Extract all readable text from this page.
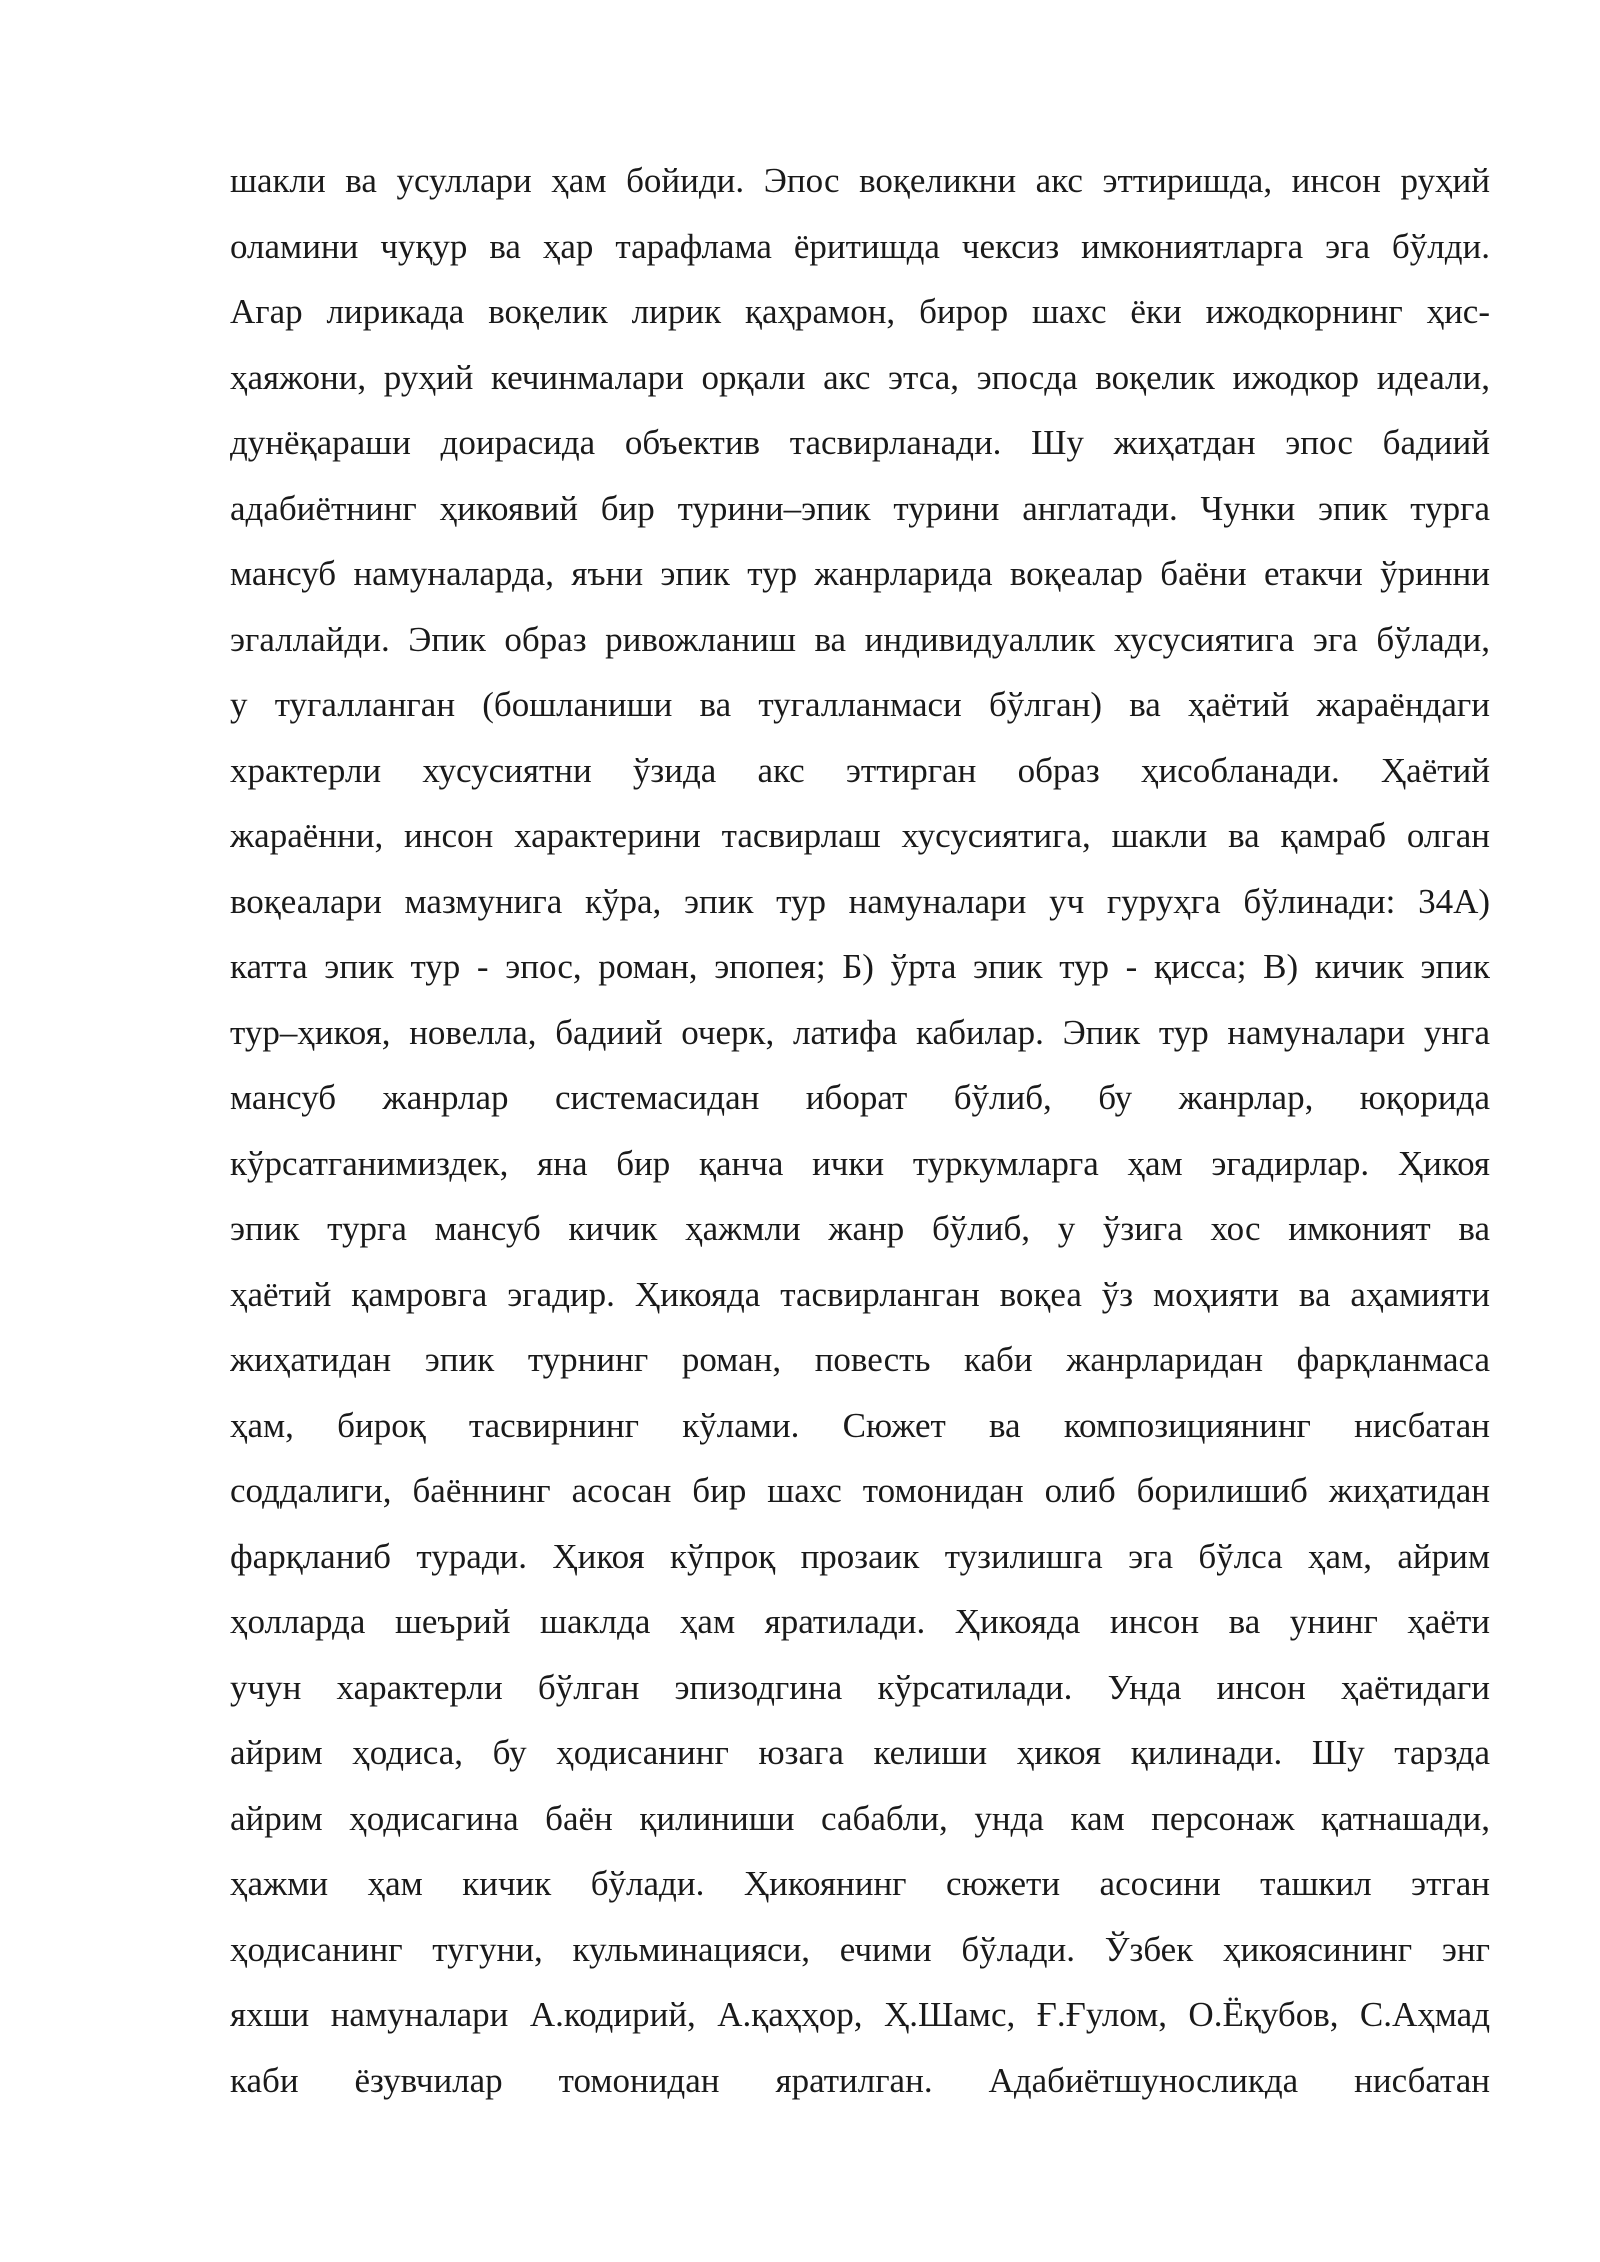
шакли ва усуллари ҳам бойиди. Эпос воқеликни акс эттиришда, инсон руҳий
оламини чуқур ва ҳар тарафлама ёритишда чексиз имкониятларга эга бўлди.
Агар лирикада воқелик лирик қаҳрамон, бирор шахс ёки ижодкорнинг ҳис-
ҳаяжони, руҳий кечинмалари орқали акс этса, эпосда воқелик ижодкор идеали,
дунёқараши доирасида объектив тасвирланади. Шу жиҳатдан эпос бадиий
адабиётнинг ҳикоявий бир турини–эпик турини англатади. Чунки эпик турга
мансуб намуналарда, яъни эпик тур жанрларида воқеалар баёни етакчи ўринни
эгаллайди. Эпик образ ривожланиш ва индивидуаллик хусусиятига эга бўлади,
у тугалланган (бошланиши ва тугалланмаси бўлган) ва ҳаётий жараёндаги
храктерли хусусиятни ўзида акс эттирган образ ҳисобланади. Ҳаётий
жараённи, инсон характерини тасвирлаш хусусиятига, шакли ва қамраб олган
воқеалари мазмунига кўра, эпик тур намуналари уч гуруҳга бўлинади: 34А)
катта эпик тур - эпос, роман, эпопея; Б) ўрта эпик тур - қисса; В) кичик эпик
тур–ҳикоя, новелла, бадиий очерк, латифа кабилар. Эпик тур намуналари унга
мансуб жанрлар системасидан иборат бўлиб, бу жанрлар, юқорида
кўрсатганимиздек, яна бир қанча ички туркумларга ҳам эгадирлар. Ҳикоя
эпик турга мансуб кичик ҳажмли жанр бўлиб, у ўзига хос имконият ва
ҳаётий қамровга эгадир. Ҳикояда тасвирланган воқеа ўз моҳияти ва аҳамияти
жиҳатидан эпик турнинг роман, повесть каби жанрларидан фарқланмаса
ҳам, бироқ тасвирнинг кўлами. Сюжет ва композициянинг нисбатан
соддалиги, баённинг асосан бир шахс томонидан олиб борилишиб жиҳатидан
фарқланиб туради. Ҳикоя кўпроқ прозаик тузилишга эга бўлса ҳам, айрим
ҳолларда шеърий шаклда ҳам яратилади. Ҳикояда инсон ва унинг ҳаёти
учун характерли бўлган эпизодгина кўрсатилади. Унда инсон ҳаётидаги
айрим ҳодиса, бу ҳодисанинг юзага келиши ҳикоя қилинади. Шу тарзда
айрим ҳодисагина баён қилиниши сабабли, унда кам персонаж қатнашади,
ҳажми ҳам кичик бўлади. Ҳикоянинг сюжети асосини ташкил этган
ҳодисанинг тугуни, кульминацияси, ечими бўлади. Ўзбек ҳикоясининг энг
яхши намуналари А.кодирий, А.қаҳҳор, Ҳ.Шамс, Ғ.Ғулом, О.Ёқубов, С.Аҳмад
каби ёзувчилар томонидан яратилган. Адабиётшуносликда нисбатан
